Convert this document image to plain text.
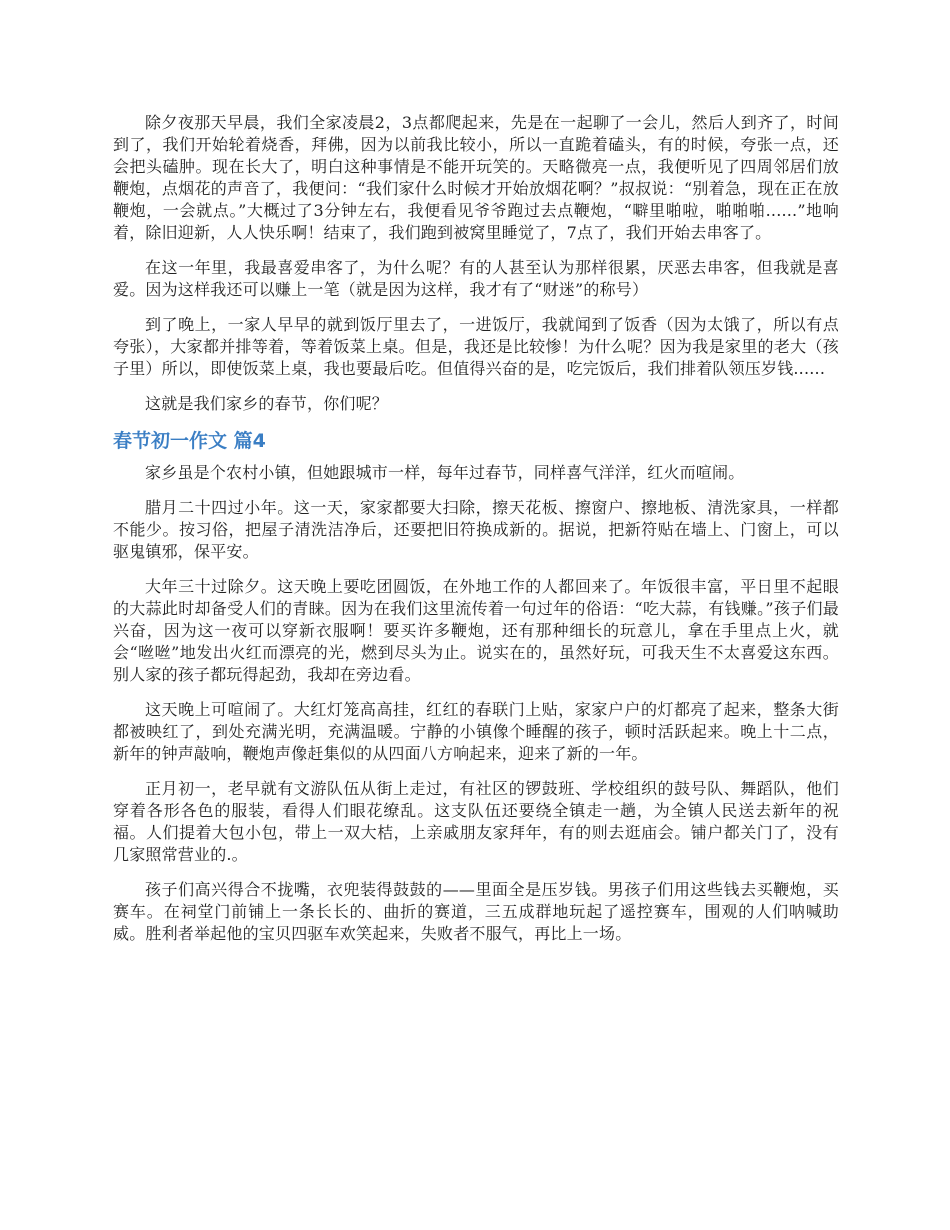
除夕夜那天早晨，我们全家凌晨2，3点都爬起来，先是在一起聊了一会儿，然后人到齐了，时间到了，我们开始轮着烧香，拜佛，因为以前我比较小，所以一直跪着磕头，有的时候，夸张一点，还会把头磕肿。现在长大了，明白这种事情是不能开玩笑的。天略微亮一点，我便听见了四周邻居们放鞭炮，点烟花的声音了，我便问：“我们家什么时候才开始放烟花啊？”叔叔说：“别着急，现在正在放鞭炮，一会就点。”大概过了3分钟左右，我便看见爷爷跑过去点鞭炮，“噼里啪啦，啪啪啪......”地响着，除旧迎新，人人快乐啊！结束了，我们跑到被窝里睡觉了，7点了，我们开始去串客了。

在这一年里，我最喜爱串客了，为什么呢？有的人甚至认为那样很累，厌恶去串客，但我就是喜爱。因为这样我还可以赚上一笔（就是因为这样，我才有了“财迷”的称号）

到了晚上，一家人早早的就到饭厅里去了，一进饭厅，我就闻到了饭香（因为太饿了，所以有点夸张），大家都并排等着，等着饭菜上桌。但是，我还是比较惨！为什么呢？因为我是家里的老大（孩子里）所以，即使饭菜上桌，我也要最后吃。但值得兴奋的是，吃完饭后，我们排着队领压岁钱......

这就是我们家乡的春节，你们呢？

春节初一作文 篇4

家乡虽是个农村小镇，但她跟城市一样，每年过春节，同样喜气洋洋，红火而喧闹。

腊月二十四过小年。这一天，家家都要大扫除，擦天花板、擦窗户、擦地板、清洗家具，一样都不能少。按习俗，把屋子清洗洁净后，还要把旧符换成新的。据说，把新符贴在墙上、门窗上，可以驱鬼镇邪，保平安。

大年三十过除夕。这天晚上要吃团圆饭，在外地工作的人都回来了。年饭很丰富，平日里不起眼的大蒜此时却备受人们的青睐。因为在我们这里流传着一句过年的俗语：“吃大蒜，有钱赚。”孩子们最兴奋，因为这一夜可以穿新衣服啊！要买许多鞭炮，还有那种细长的玩意儿，拿在手里点上火，就会“咝咝”地发出火红而漂亮的光，燃到尽头为止。说实在的，虽然好玩，可我天生不太喜爱这东西。别人家的孩子都玩得起劲，我却在旁边看。

这天晚上可喧闹了。大红灯笼高高挂，红红的春联门上贴，家家户户的灯都亮了起来，整条大街都被映红了，到处充满光明，充满温暖。宁静的小镇像个睡醒的孩子，顿时活跃起来。晚上十二点，新年的钟声敲响，鞭炮声像赶集似的从四面八方响起来，迎来了新的一年。

正月初一，老早就有文游队伍从街上走过，有社区的锣鼓班、学校组织的鼓号队、舞蹈队，他们穿着各形各色的服装，看得人们眼花缭乱。这支队伍还要绕全镇走一趟，为全镇人民送去新年的祝福。人们提着大包小包，带上一双大桔，上亲戚朋友家拜年，有的则去逛庙会。铺户都关门了，没有几家照常营业的.。

孩子们高兴得合不拢嘴，衣兜装得鼓鼓的——里面全是压岁钱。男孩子们用这些钱去买鞭炮，买赛车。在祠堂门前铺上一条长长的、曲折的赛道，三五成群地玩起了遥控赛车，围观的人们呐喊助威。胜利者举起他的宝贝四驱车欢笑起来，失败者不服气，再比上一场。
